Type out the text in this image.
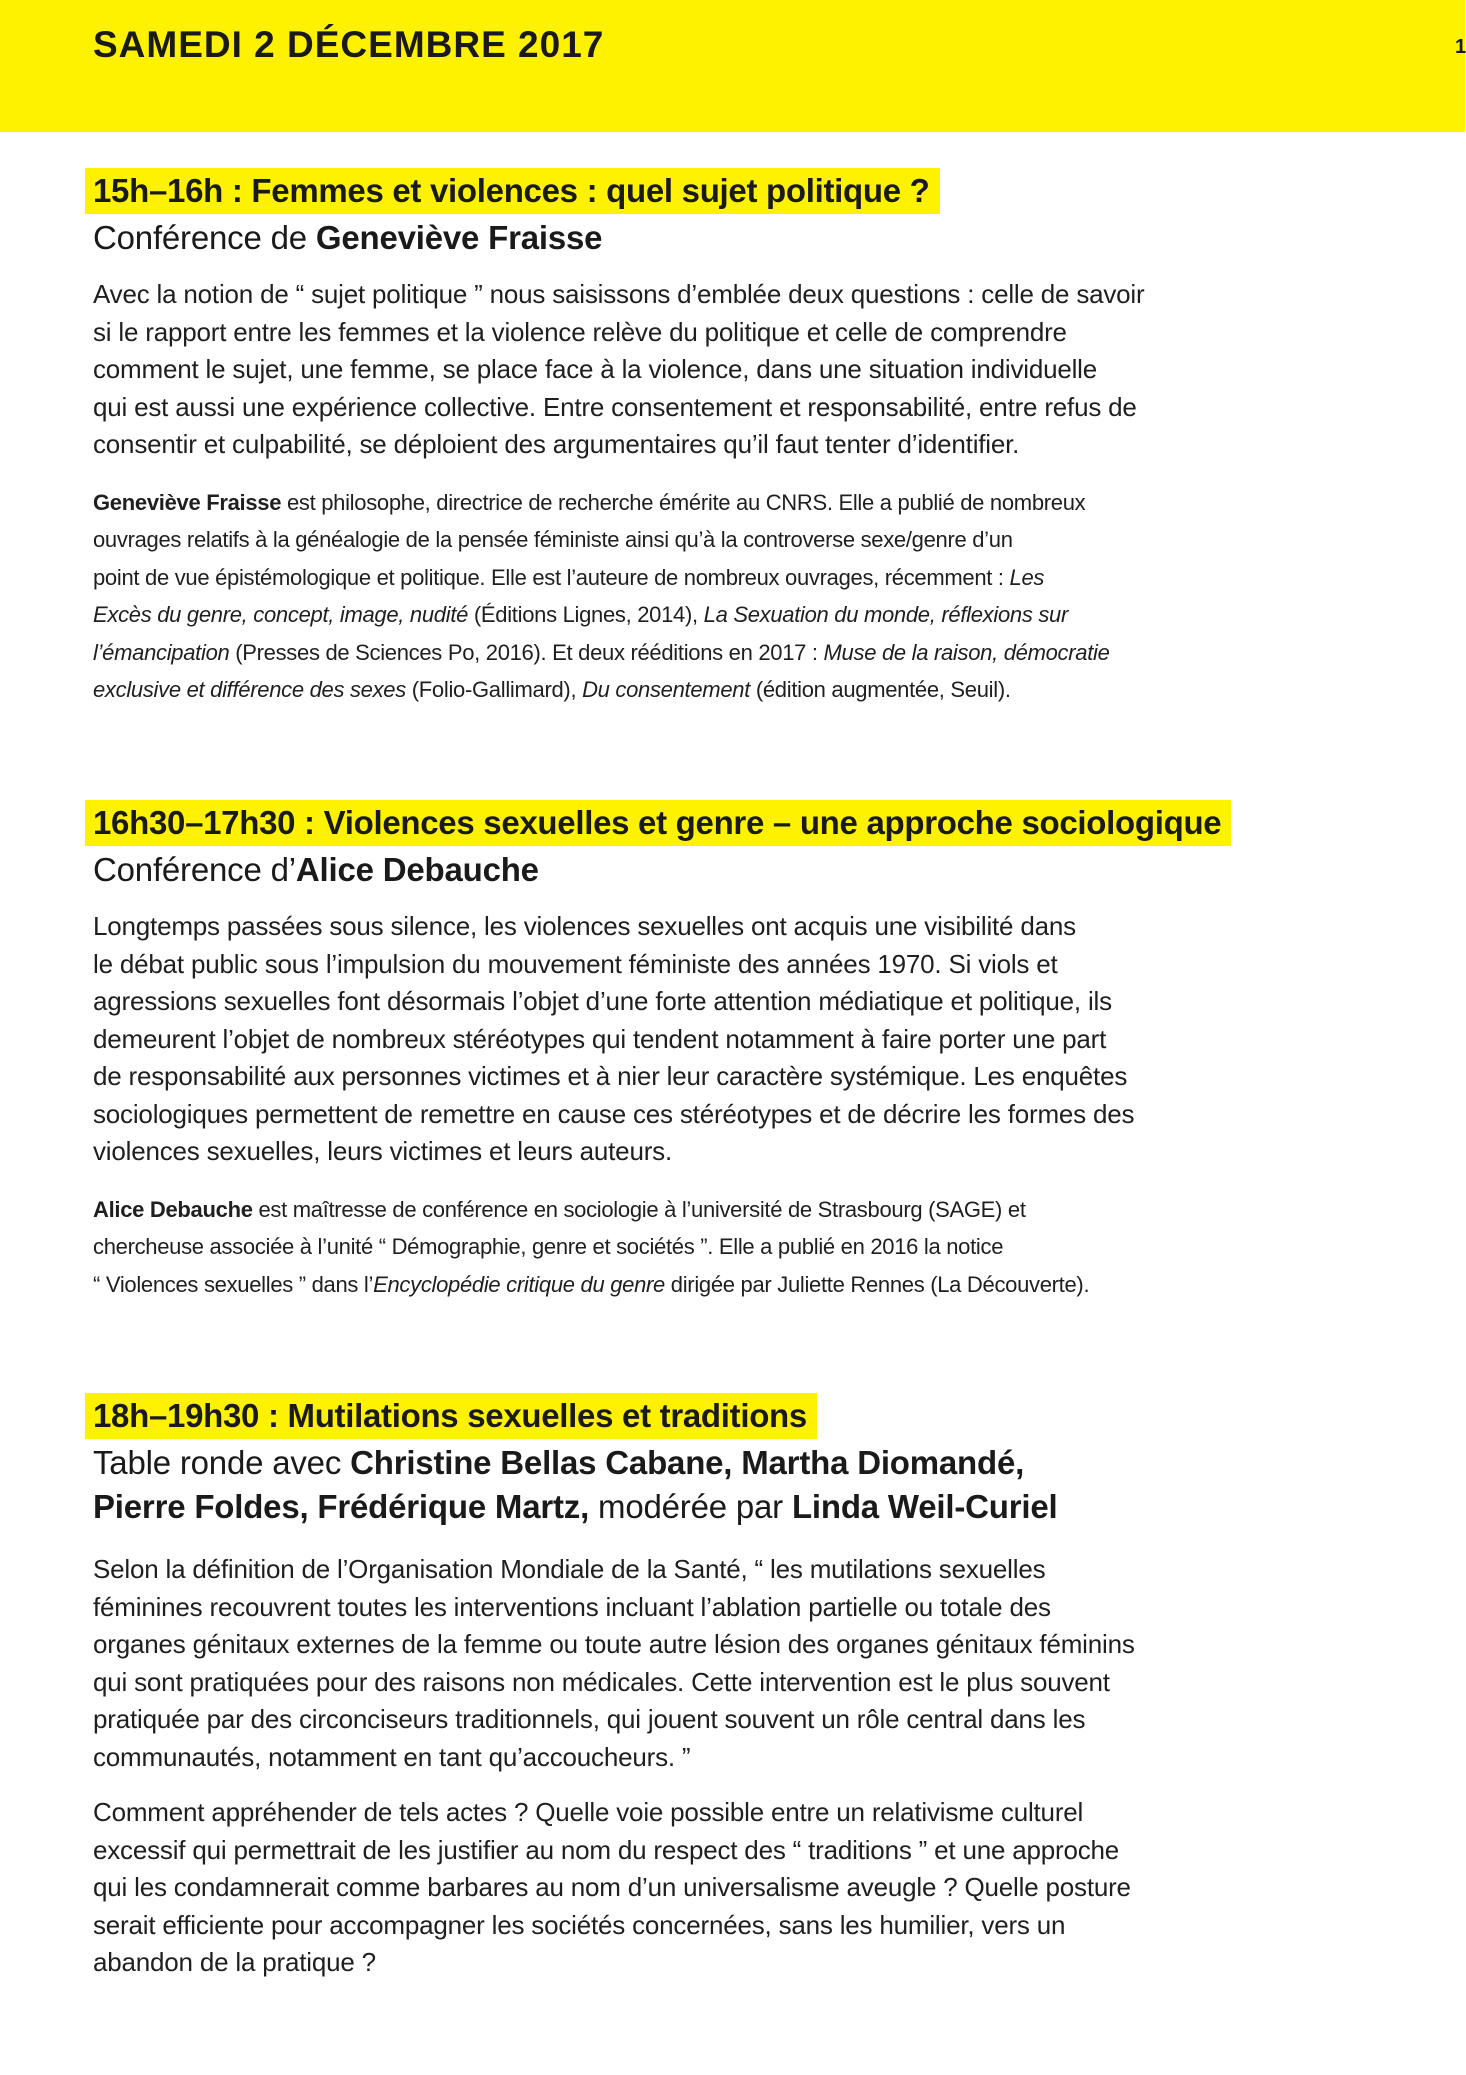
SAMEDI 2 DÉCEMBRE 2017	1
15h–16h : Femmes et violences : quel sujet politique ?
Conférence de Geneviève Fraisse

Avec la notion de “ sujet politique ” nous saisissons d’emblée deux questions : celle de savoir
si le rapport entre les femmes et la violence relève du politique et celle de comprendre
comment le sujet, une femme, se place face à la violence, dans une situation individuelle
qui est aussi une expérience collective. Entre consentement et responsabilité, entre refus de
consentir et culpabilité, se déploient des argumentaires qu’il faut tenter d’identifier.

Geneviève Fraisse est philosophe, directrice de recherche émérite au CNRS. Elle a publié de nombreux
ouvrages relatifs à la généalogie de la pensée féministe ainsi qu’à la controverse sexe/genre d’un
point de vue épistémologique et politique. Elle est l’auteure de nombreux ouvrages, récemment : Les
Excès du genre, concept, image, nudité (Éditions Lignes, 2014), La Sexuation du monde, réflexions sur
l’émancipation (Presses de Sciences Po, 2016). Et deux rééditions en 2017 : Muse de la raison, démocratie
exclusive et différence des sexes (Folio-Gallimard), Du consentement (édition augmentée, Seuil).

16h30–17h30 : Violences sexuelles et genre – une approche sociologique
Conférence d’Alice Debauche

Longtemps passées sous silence, les violences sexuelles ont acquis une visibilité dans
le débat public sous l’impulsion du mouvement féministe des années 1970. Si viols et
agressions sexuelles font désormais l’objet d’une forte attention médiatique et politique, ils
demeurent l’objet de nombreux stéréotypes qui tendent notamment à faire porter une part
de responsabilité aux personnes victimes et à nier leur caractère systémique. Les enquêtes
sociologiques permettent de remettre en cause ces stéréotypes et de décrire les formes des
violences sexuelles, leurs victimes et leurs auteurs.

Alice Debauche est maîtresse de conférence en sociologie à l’université de Strasbourg (SAGE) et
chercheuse associée à l’unité “ Démographie, genre et sociétés ”. Elle a publié en 2016 la notice
“ Violences sexuelles ” dans l’Encyclopédie critique du genre dirigée par Juliette Rennes (La Découverte).

18h–19h30 : Mutilations sexuelles et traditions
Table ronde avec Christine Bellas Cabane, Martha Diomandé,
Pierre Foldes, Frédérique Martz, modérée par Linda Weil-Curiel

Selon la définition de l’Organisation Mondiale de la Santé, “ les mutilations sexuelles
féminines recouvrent toutes les interventions incluant l’ablation partielle ou totale des
organes génitaux externes de la femme ou toute autre lésion des organes génitaux féminins
qui sont pratiquées pour des raisons non médicales. Cette intervention est le plus souvent
pratiquée par des circonciseurs traditionnels, qui jouent souvent un rôle central dans les
communautés, notamment en tant qu’accoucheurs. ”

Comment appréhender de tels actes ? Quelle voie possible entre un relativisme culturel
excessif qui permettrait de les justifier au nom du respect des “ traditions ” et une approche
qui les condamnerait comme barbares au nom d’un universalisme aveugle ? Quelle posture
serait efficiente pour accompagner les sociétés concernées, sans les humilier, vers un
abandon de la pratique ?
